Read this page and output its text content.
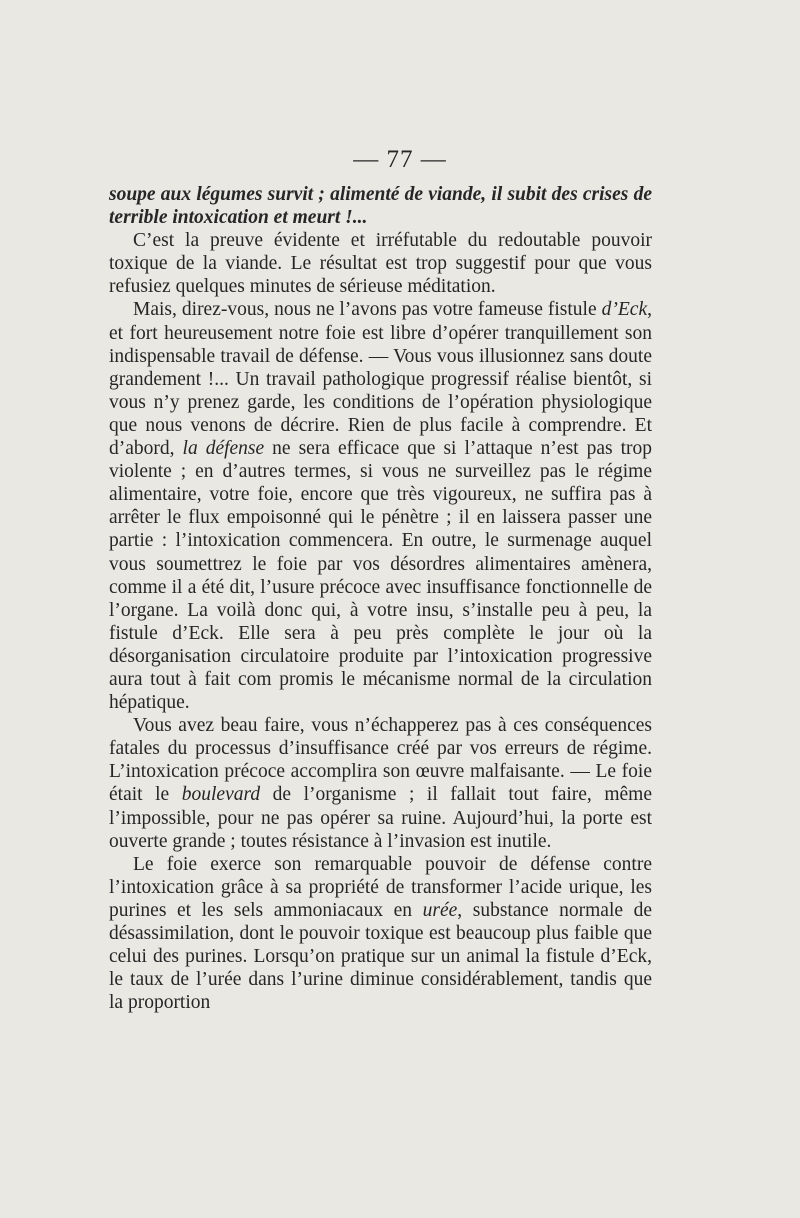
— 77 —

soupe aux légumes survit ; alimenté de viande, il subit des crises de terrible intoxication et meurt !...

C’est la preuve évidente et irréfutable du redoutable pouvoir toxique de la viande. Le résultat est trop suggestif pour que vous refusiez quelques minutes de sérieuse méditation.

Mais, direz-vous, nous ne l’avons pas votre fameuse fistule d’Eck, et fort heureusement notre foie est libre d’opérer tranquillement son indispensable travail de défense. — Vous vous illusionnez sans doute grandement !... Un travail pathologique progressif réalise bientôt, si vous n’y prenez garde, les conditions de l’opération physiologique que nous venons de décrire. Rien de plus facile à comprendre. Et d’abord, la défense ne sera efficace que si l’attaque n’est pas trop violente ; en d’autres termes, si vous ne surveillez pas le régime alimentaire, votre foie, encore que très vigoureux, ne suffira pas à arrêter le flux empoisonné qui le pénètre ; il en laissera passer une partie : l’intoxication commencera. En outre, le surmenage auquel vous soumettrez le foie par vos désordres alimentaires amènera, comme il a été dit, l’usure précoce avec insuffisance fonctionnelle de l’organe. La voilà donc qui, à votre insu, s’installe peu à peu, la fistule d’Eck. Elle sera à peu près complète le jour où la désorganisation circulatoire produite par l’intoxication progressive aura tout à fait com promis le mécanisme normal de la circulation hépatique.

Vous avez beau faire, vous n’échapperez pas à ces conséquences fatales du processus d’insuffisance créé par vos erreurs de régime. L’intoxication précoce accomplira son œuvre malfaisante. — Le foie était le boulevard de l’organisme ; il fallait tout faire, même l’impossible, pour ne pas opérer sa ruine. Aujourd’hui, la porte est ouverte grande ; toutes résistance à l’invasion est inutile.

Le foie exerce son remarquable pouvoir de défense contre l’intoxication grâce à sa propriété de transformer l’acide urique, les purines et les sels ammoniacaux en urée, substance normale de désassimilation, dont le pouvoir toxique est beaucoup plus faible que celui des purines. Lorsqu’on pratique sur un animal la fistule d’Eck, le taux de l’urée dans l’urine diminue considérablement, tandis que la proportion
